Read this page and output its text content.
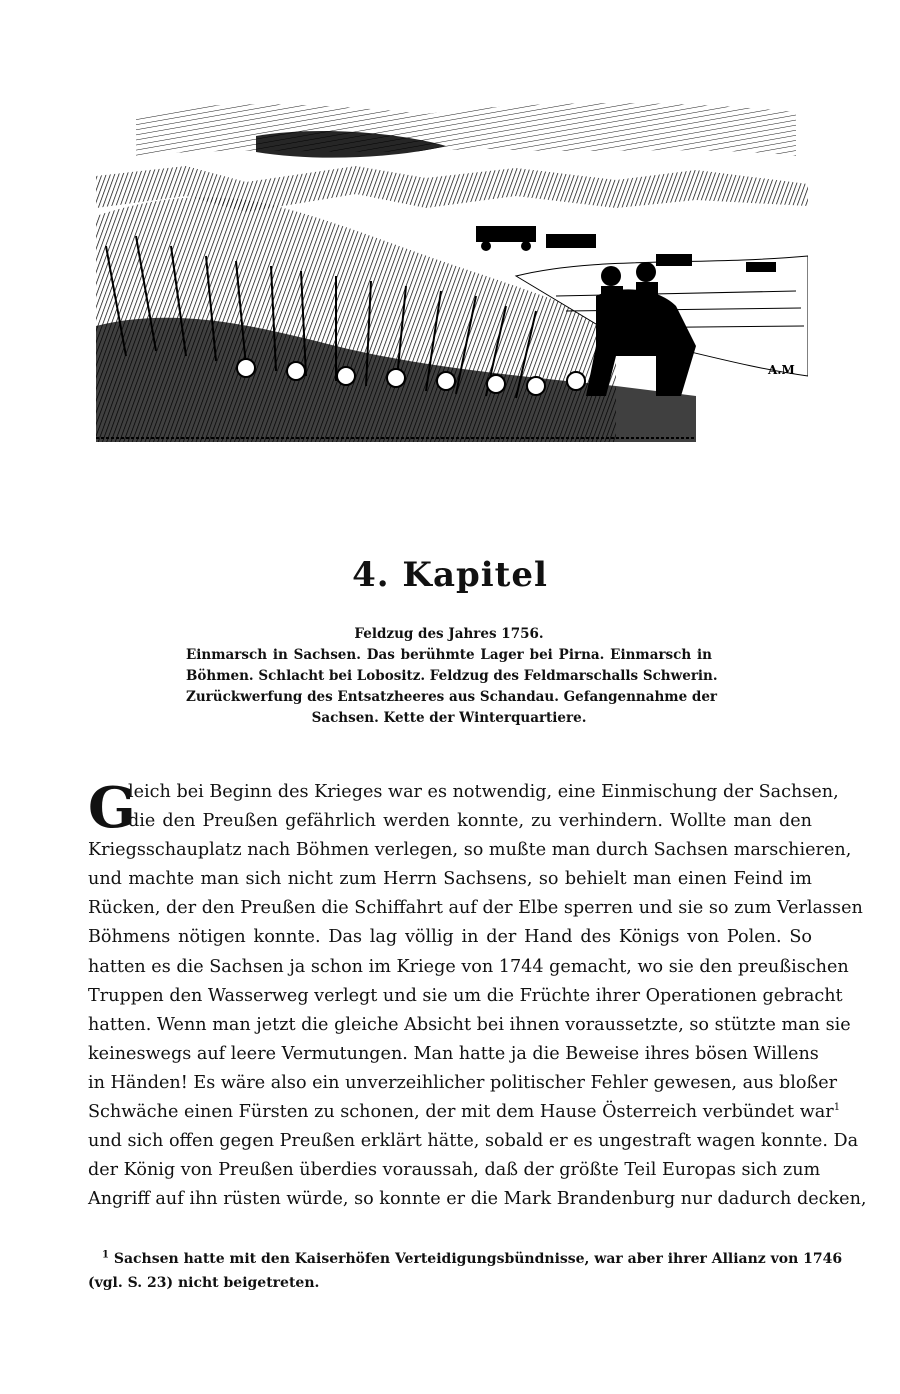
A.M
4. Kapitel
Feldzug des Jahres 1756.
Einmarsch in Sachsen. Das berühmte Lager bei Pirna. Einmarsch in
Böhmen. Schlacht bei Lobositz. Feldzug des Feldmarschalls Schwerin.
Zurückwerfung des Entsatzheeres aus Schandau. Gefangennahme der
Sachsen. Kette der Winterquartiere.
G
leich bei Beginn des Krieges war es notwendig, eine Einmischung der Sachsen,
die den Preußen gefährlich werden konnte, zu verhindern. Wollte man den
Kriegsschauplatz nach Böhmen verlegen, so mußte man durch Sachsen marschieren,
und machte man sich nicht zum Herrn Sachsens, so behielt man einen Feind im
Rücken, der den Preußen die Schiffahrt auf der Elbe sperren und sie so zum Verlassen
Böhmens nötigen konnte. Das lag völlig in der Hand des Königs von Polen. So
hatten es die Sachsen ja schon im Kriege von 1744 gemacht, wo sie den preußischen
Truppen den Wasserweg verlegt und sie um die Früchte ihrer Operationen gebracht
hatten. Wenn man jetzt die gleiche Absicht bei ihnen voraussetzte, so stützte man sie
keineswegs auf leere Vermutungen. Man hatte ja die Beweise ihres bösen Willens
in Händen! Es wäre also ein unverzeihlicher politischer Fehler gewesen, aus bloßer
Schwäche einen Fürsten zu schonen, der mit dem Hause Österreich verbündet war$^1$
und sich offen gegen Preußen erklärt hätte, sobald er es ungestraft wagen konnte. Da
der König von Preußen überdies voraussah, daß der größte Teil Europas sich zum
Angriff auf ihn rüsten würde, so konnte er die Mark Brandenburg nur dadurch decken,
$^1$ Sachsen hatte mit den Kaiserhöfen Verteidigungsbündnisse, war aber ihrer Allianz von 1746
(vgl. S. 23) nicht beigetreten.
